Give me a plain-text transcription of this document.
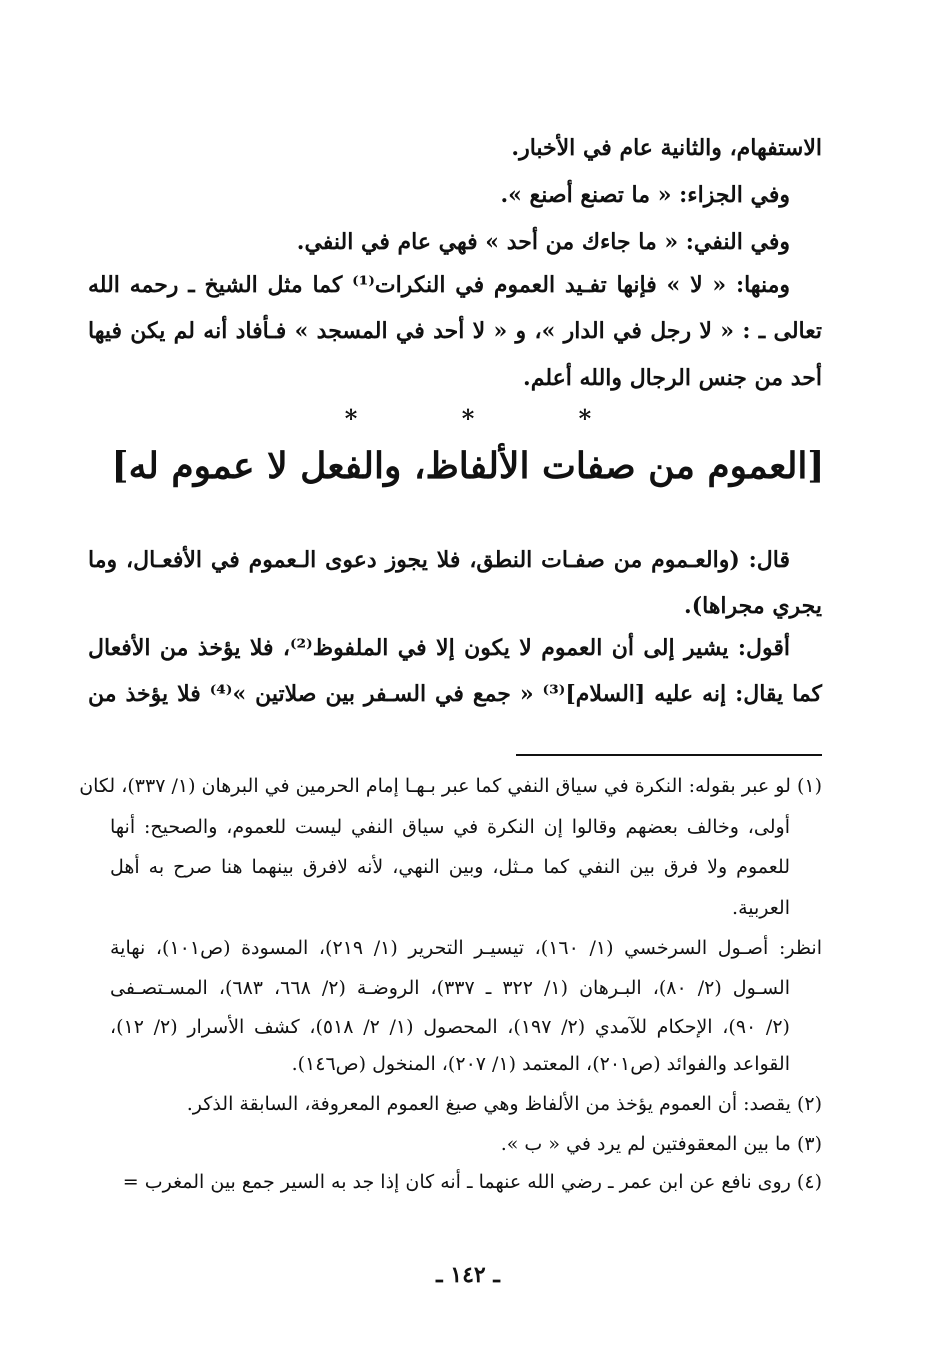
الاستفهام، والثانية عام في الأخبار.
وفي الجزاء: « ما تصنع أصنع ».
وفي النفي: « ما جاءك من أحد » فهي عام في النفي.
ومنها: « لا » فإنها تفـيد العموم في النكرات⁽¹⁾ كما مثل الشيخ ـ رحمه الله
تعالى ـ : « لا رجل في الدار »، و « لا أحد في المسجد » فـأفاد أنه لم يكن فيها
أحد من جنس الرجال والله أعلم.
*	*	*
[العموم من صفات الألفاظ، والفعل لا عموم له]
قال: (والعـموم من صفـات النطق، فلا يجوز دعوى الـعموم في الأفعـال، وما
يجري مجراها).
أقول: يشير إلى أن العموم لا يكون إلا في الملفوظ⁽²⁾، فلا يؤخذ من الأفعال
كما يقال: إنه عليه [السلام]⁽³⁾ « جمع في السـفر بين صلاتين »⁽⁴⁾ فلا يؤخذ من
(١) لو عبر بقوله: النكرة في سياق النفي كما عبر بـهـا إمام الحرمين في البرهان (١/ ٣٣٧)، لكان
أولى، وخالف بعضهم وقالوا إن النكرة في سياق النفي ليست للعموم، والصحيح: أنها
للعموم ولا فرق بين النفي كما مـثل، وبين النهي، لأنه لافرق بينهما هنا صرح به أهل
العربية.
انظر: أصـول السرخسي (١/ ١٦٠)، تيسيـر التحرير (١/ ٢١٩)، المسودة (ص١٠١)، نهاية
السـول (٢/ ٨٠)، البـرهان (١/ ٣٢٢ ـ ٣٣٧)، الروضـة (٢/ ٦٦٨، ٦٨٣)، المسـتصـفى
(٢/ ٩٠)، الإحكام للآمدي (٢/ ١٩٧)، المحصول (١/ ٢/ ٥١٨)، كشف الأسرار (٢/ ١٢)،
القواعد والفوائد (ص٢٠١)، المعتمد (١/ ٢٠٧)، المنخول (ص١٤٦).
(٢) يقصد: أن العموم يؤخذ من الألفاظ وهي صيغ العموم المعروفة، السابقة الذكر.
(٣) ما بين المعقوفتين لم يرد في « ب ».
(٤) روى نافع عن ابن عمر ـ رضي الله عنهما ـ أنه كان إذا جد به السير جمع بين المغرب =
ـ ١٤٢ ـ
